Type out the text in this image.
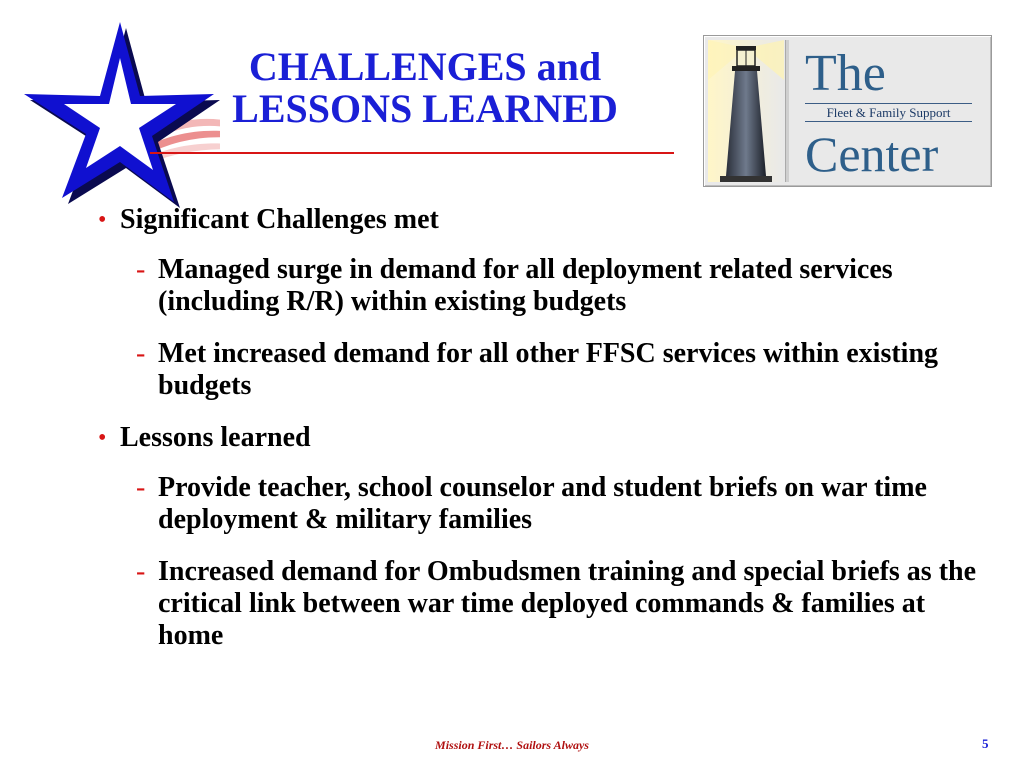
CHALLENGES and
LESSONS LEARNED
The
Fleet & Family Support
Center
• Significant Challenges met
- Managed surge in demand for all deployment related services (including R/R) within existing budgets
- Met increased demand for all other FFSC services within existing budgets
• Lessons learned
- Provide teacher, school counselor and student briefs on war time deployment & military families
- Increased demand for Ombudsmen training and special briefs as the critical link between war time deployed commands & families at home
Mission First… Sailors Always	5
